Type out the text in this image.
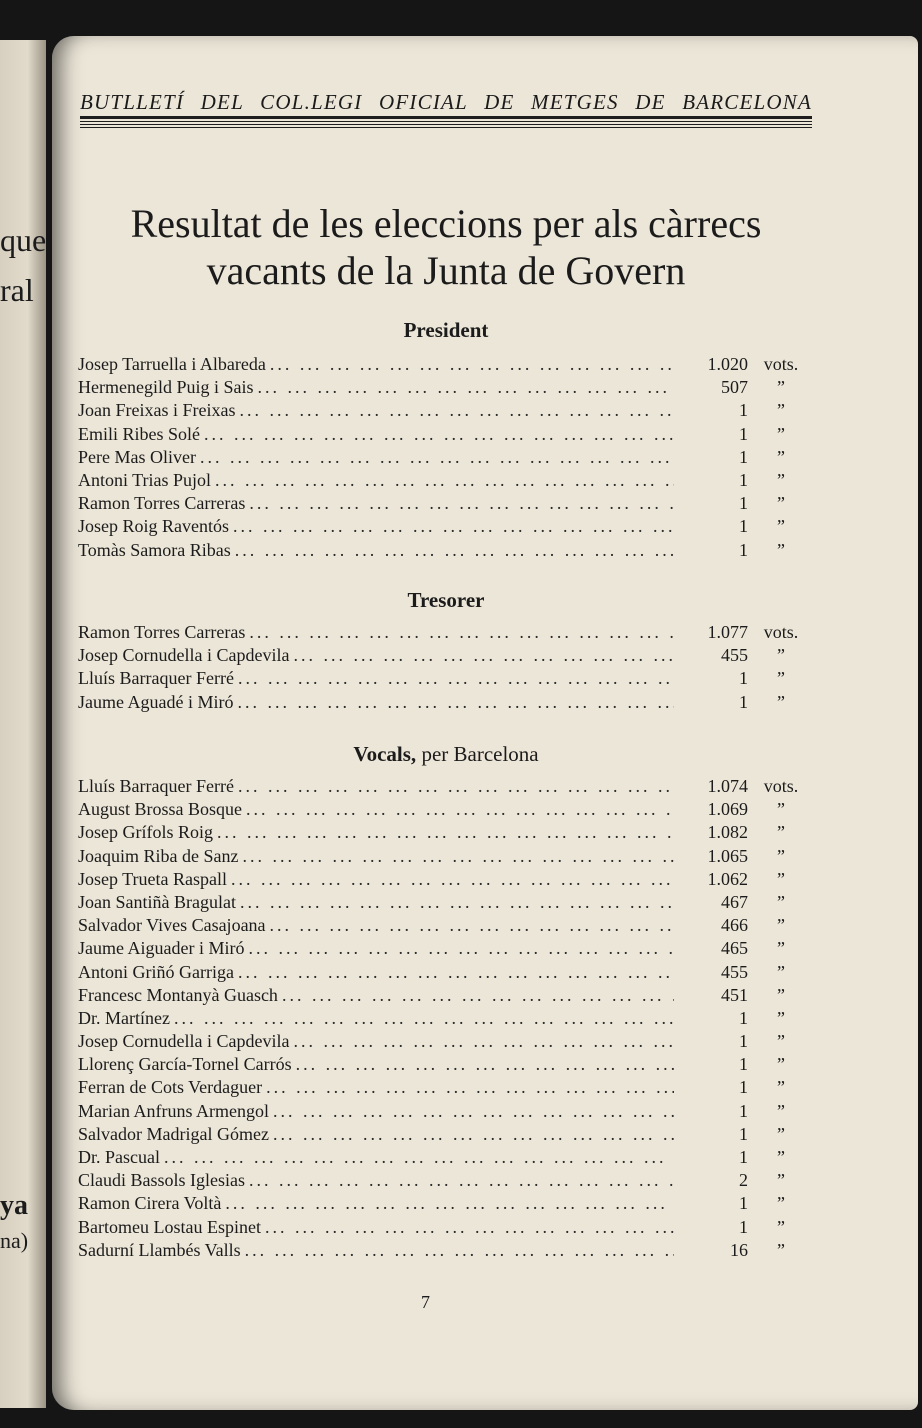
que
ral
ya
na)
BUTLLETÍ DEL COL.LEGI OFICIAL DE METGES DE BARCELONA
Resultat de les eleccions per als càrrecs
vacants de la Junta de Govern
President
Josep Tarruella i Albareda ... .	1.020 vots.
Hermenegild Puig i Sais ... .	507	”
Joan Freixas i Freixas ... .	1	”
Emili Ribes Solé ... .	1	”
Pere Mas Oliver ... .	1	”
Antoni Trias Pujol ... .	1	”
Ramon Torres Carreras ... .	1	”
Josep Roig Raventós ... .	1	”
Tomàs Samora Ribas ... .	1	”
Tresorer
Ramon Torres Carreras ... .	1.077 vots.
Josep Cornudella i Capdevila ... .	455	”
Lluís Barraquer Ferré ... .	1	”
Jaume Aguadé i Miró ... .	1	”
Vocals, per Barcelona
Lluís Barraquer Ferré ... .	1.074 vots.
August Brossa Bosque ... .	1.069	”
Josep Grífols Roig ... .	1.082	”
Joaquim Riba de Sanz ... .	1.065	”
Josep Trueta Raspall ... .	1.062	”
Joan Santiñà Bragulat ... .	467	”
Salvador Vives Casajoana ... .	466	”
Jaume Aiguader i Miró ... .	465	”
Antoni Griñó Garriga ... .	455	”
Francesc Montanyà Guasch ... .	451	”
Dr. Martínez ... .	1	”
Josep Cornudella i Capdevila ... .	1	”
Llorenç García-Tornel Carrós ... .	1	”
Ferran de Cots Verdaguer ... .	1	”
Marian Anfruns Armengol ... .	1	”
Salvador Madrigal Gómez ... .	1	”
Dr. Pascual ... .	1	”
Claudi Bassols Iglesias ... .	2	”
Ramon Cirera Voltà ... .	1	”
Bartomeu Lostau Espinet ... .	1	”
Sadurní Llambés Valls ... .	16	”
7
